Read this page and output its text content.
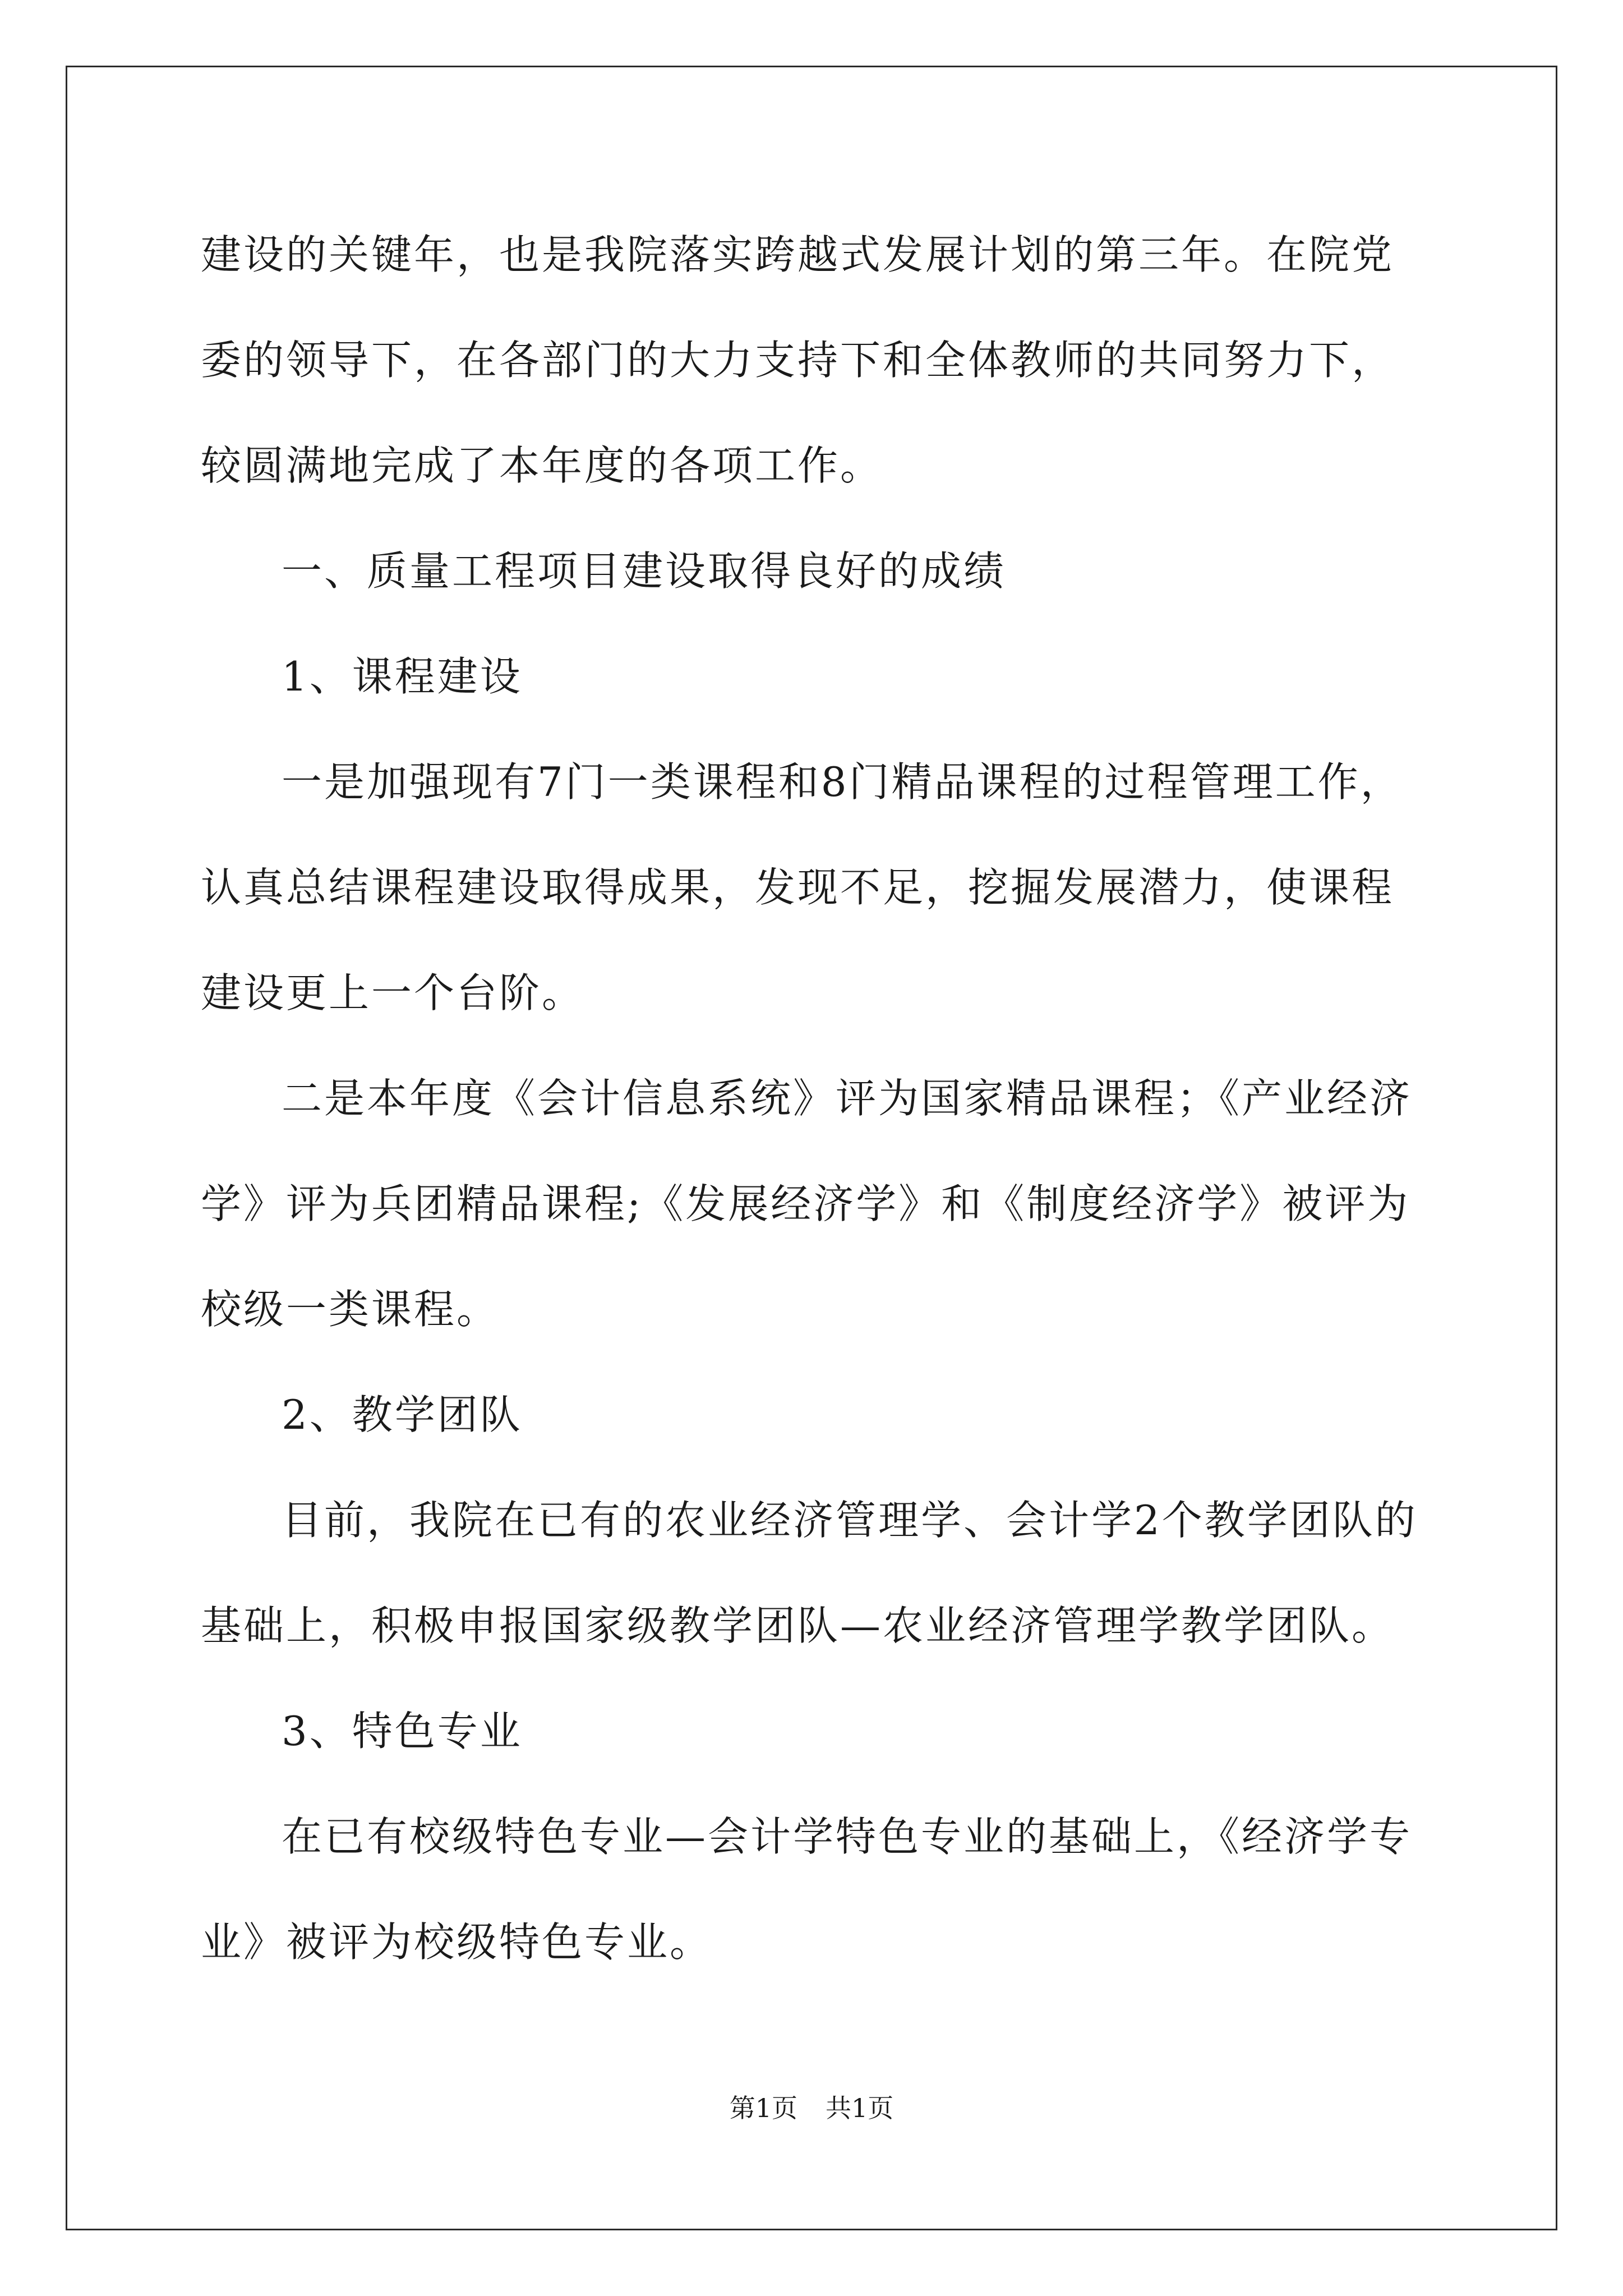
建设的关键年，也是我院落实跨越式发展计划的第三年。在院党委的领导下，在各部门的大力支持下和全体教师的共同努力下，较圆满地完成了本年度的各项工作。

一、质量工程项目建设取得良好的成绩

1、课程建设

一是加强现有7门一类课程和8门精品课程的过程管理工作，认真总结课程建设取得成果，发现不足，挖掘发展潜力，使课程建设更上一个台阶。

二是本年度《会计信息系统》评为国家精品课程；《产业经济学》评为兵团精品课程;《发展经济学》和《制度经济学》被评为校级一类课程。

2、教学团队

目前，我院在已有的农业经济管理学、会计学2个教学团队的基础上，积极申报国家级教学团队—农业经济管理学教学团队。

3、特色专业

在已有校级特色专业—会计学特色专业的基础上，《经济学专业》被评为校级特色专业。

第1页 共1页
